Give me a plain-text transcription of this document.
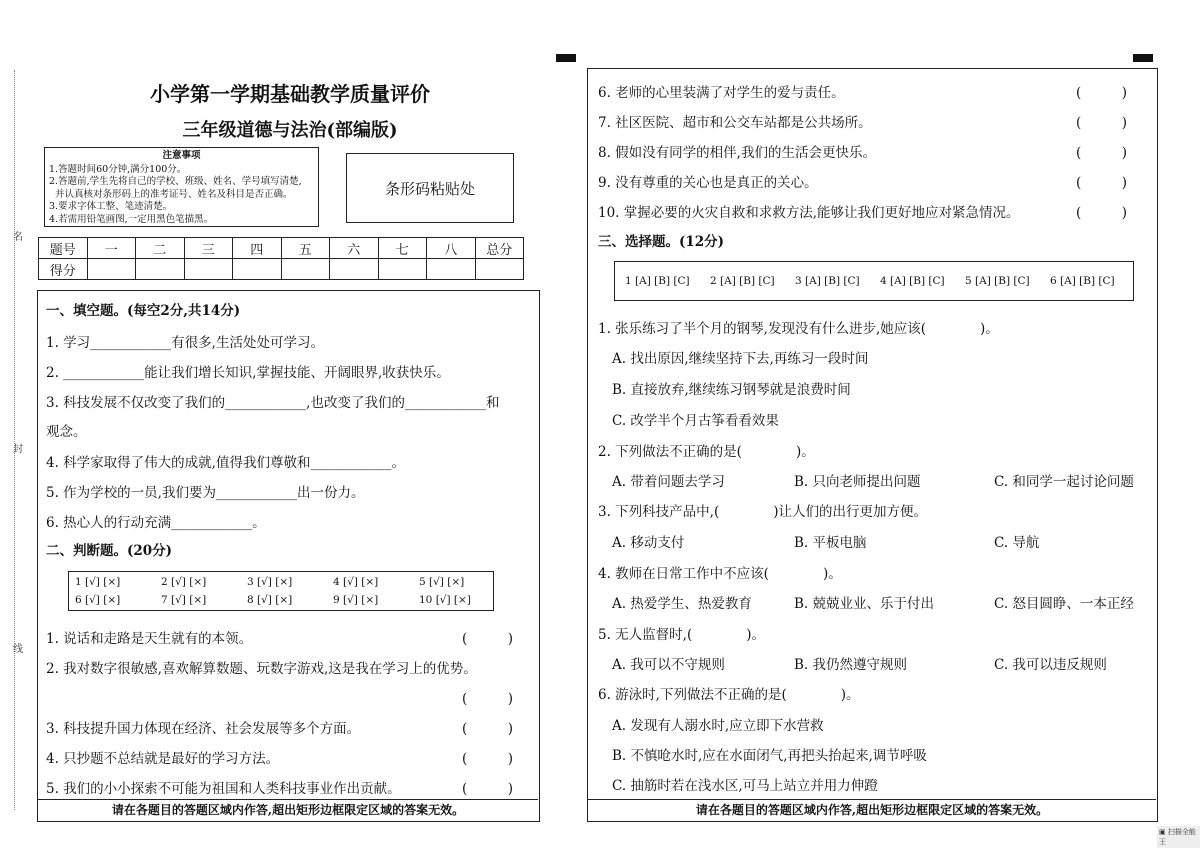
名
封
线
小学第一学期基础教学质量评价
三年级道德与法治(部编版)
注意事项
1.答题时间60分钟,满分100分。
2.答题前,学生先将自己的学校、班级、姓名、学号填写清楚,
并认真核对条形码上的准考证号、姓名及科目是否正确。
3.要求字体工整、笔迹清楚。
4.若需用铅笔画图,一定用黑色笔描黑。
条形码粘贴处
题号	一	二	三	四	五	六	七	八	总分
得分									
一、填空题。(每空2分,共14分)
1. 学习____________有很多,生活处处可学习。
2. ____________能让我们增长知识,掌握技能、开阔眼界,收获快乐。
3. 科技发展不仅改变了我们的____________,也改变了我们的____________和
观念。
4. 科学家取得了伟大的成就,值得我们尊敬和____________。
5. 作为学校的一员,我们要为____________出一份力。
6. 热心人的行动充满____________。
二、判断题。(20分)
1 [√] [×]	2 [√] [×]	3 [√] [×]	4 [√] [×]	5 [√] [×]
6 [√] [×]	7 [√] [×]	8 [√] [×]	9 [√] [×]	10 [√] [×]
1. 说话和走路是天生就有的本领。	(　　　)
2. 我对数字很敏感,喜欢解算数题、玩数字游戏,这是我在学习上的优势。
(　　　)
3. 科技提升国力体现在经济、社会发展等多个方面。	(　　　)
4. 只抄题不总结就是最好的学习方法。	(　　　)
5. 我们的小小探索不可能为祖国和人类科技事业作出贡献。	(　　　)
请在各题目的答题区域内作答,超出矩形边框限定区域的答案无效。
6. 老师的心里装满了对学生的爱与责任。	(　　　)
7. 社区医院、超市和公交车站都是公共场所。	(　　　)
8. 假如没有同学的相伴,我们的生活会更快乐。	(　　　)
9. 没有尊重的关心也是真正的关心。	(　　　)
10. 掌握必要的火灾自救和求救方法,能够让我们更好地应对紧急情况。	(　　　)
三、选择题。(12分)
1 [A] [B] [C] 2 [A] [B] [C] 3 [A] [B] [C] 4 [A] [B] [C] 5 [A] [B] [C] 6 [A] [B] [C]
1. 张乐练习了半个月的钢琴,发现没有什么进步,她应该(　　　　)。
A. 找出原因,继续坚持下去,再练习一段时间
B. 直接放弃,继续练习钢琴就是浪费时间
C. 改学半个月古筝看看效果
2. 下列做法不正确的是(　　　　)。
A. 带着问题去学习	B. 只向老师提出问题	C. 和同学一起讨论问题
3. 下列科技产品中,(　　　　)让人们的出行更加方便。
A. 移动支付	B. 平板电脑	C. 导航
4. 教师在日常工作中不应该(　　　　)。
A. 热爱学生、热爱教育	B. 兢兢业业、乐于付出	C. 怒目圆睁、一本正经
5. 无人监督时,(　　　　)。
A. 我可以不守规则	B. 我仍然遵守规则	C. 我可以违反规则
6. 游泳时,下列做法不正确的是(　　　　)。
A. 发现有人溺水时,应立即下水营救
B. 不慎呛水时,应在水面闭气,再把头抬起来,调节呼吸
C. 抽筋时若在浅水区,可马上站立并用力伸蹬
请在各题目的答题区域内作答,超出矩形边框限定区域的答案无效。
▣ 扫描全能王
